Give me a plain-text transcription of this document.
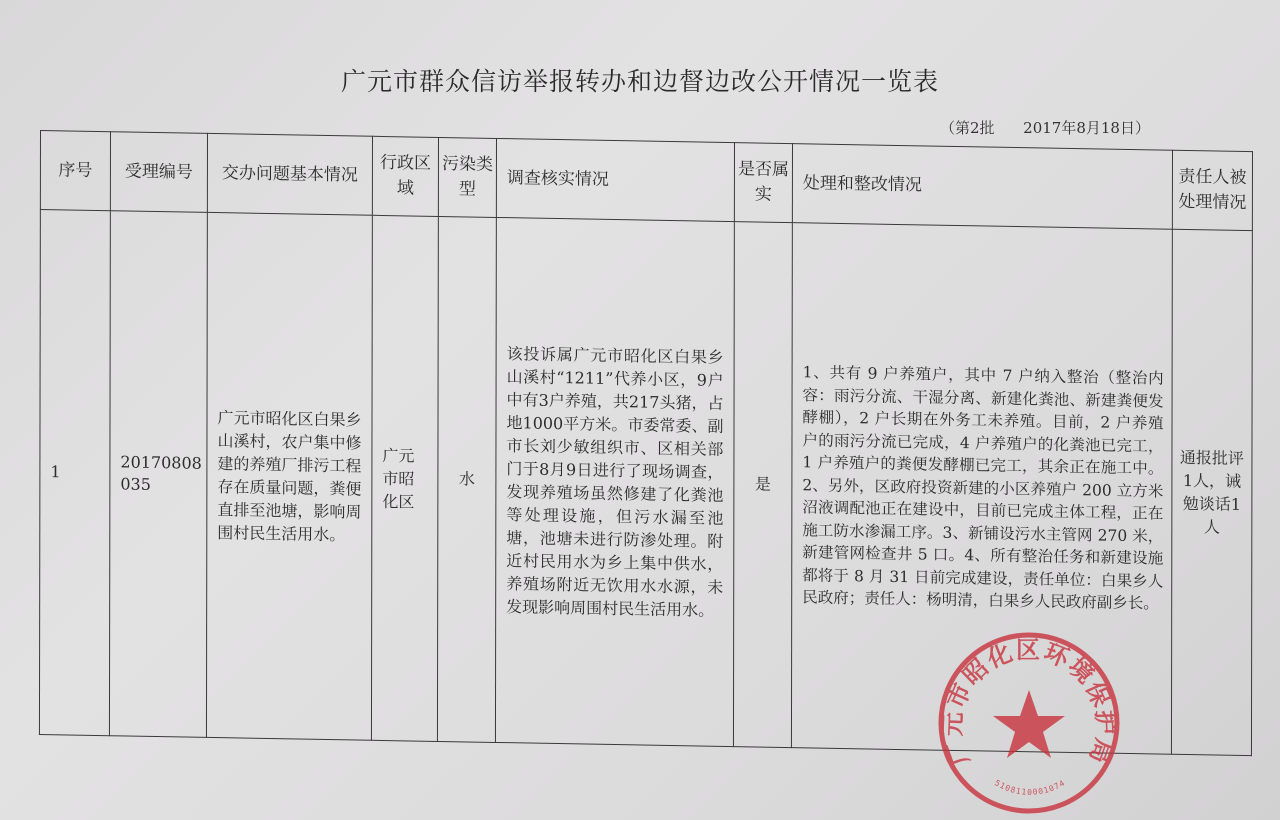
广元市群众信访举报转办和边督边改公开情况一览表
（第2批      2017年8月18日）
序号	受理编号	交办问题基本情况	行政区域	污染类型	调查核实情况	是否属实	处理和整改情况	责任人被处理情况
1	20170808035	广元市昭化区白果乡山溪村，农户集中修建的养殖厂排污工程存在质量问题，粪便直排至池塘，影响周围村民生活用水。	广元市昭化区	水	该投诉属广元市昭化区白果乡山溪村“1211”代养小区，9户中有3户养殖，共217头猪，占地1000平方米。市委常委、副市长刘少敏组织市、区相关部门于8月9日进行了现场调查，发现养殖场虽然修建了化粪池等处理设施，但污水漏至池塘，池塘未进行防渗处理。附近村民用水为乡上集中供水，养殖场附近无饮用水水源，未发现影响周围村民生活用水。	是	1、共有 9 户养殖户，其中 7 户纳入整治（整治内容：雨污分流、干湿分离、新建化粪池、新建粪便发酵棚），2 户长期在外务工未养殖。目前，2 户养殖户的雨污分流已完成，4 户养殖户的化粪池已完工，1 户养殖户的粪便发酵棚已完工，其余正在施工中。2、另外，区政府投资新建的小区养殖户 200 立方米沼液调配池正在建设中，目前已完成主体工程，正在施工防水渗漏工序。3、新铺设污水主管网 270 米，新建管网检查井 5 口。4、所有整治任务和新建设施都将于 8 月 31 日前完成建设，责任单位：白果乡人民政府；责任人：杨明清，白果乡人民政府副乡长。	通报批评1人，诫勉谈话1人
广元市昭化区环境保护局
5108110001074
